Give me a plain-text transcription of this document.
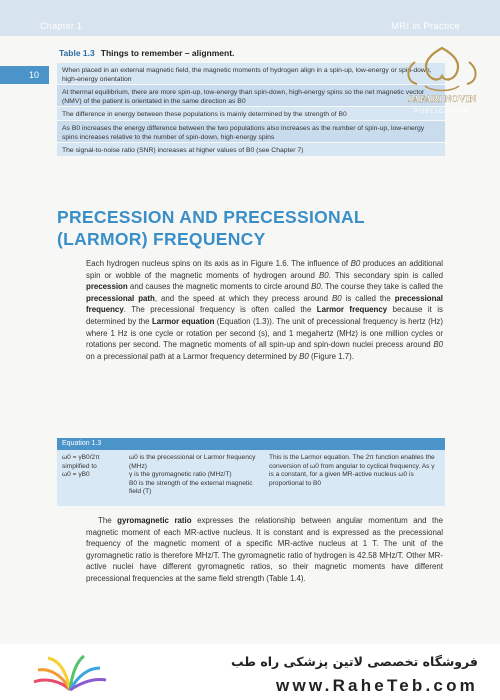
Chapter 1	MRI in Practice
10
Table 1.3 Things to remember – alignment.
When placed in an external magnetic field, the magnetic moments of hydrogen align in a spin-up, low-energy or spin-down, high-energy orientation
At thermal equilibrium, there are more spin-up, low-energy than spin-down, high-energy spins so the net magnetic vector (NMV) of the patient is orientated in the same direction as B0
The difference in energy between these populations is mainly determined by the strength of B0
As B0 increases the energy difference between the two populations also increases as the number of spin-up, low-energy spins increases relative to the number of spin-down, high-energy spins
The signal-to-noise ratio (SNR) increases at higher values of B0 (see Chapter 7)
JAFARI NOVIN
PUBLICATION
PRECESSION AND PRECESSIONAL (LARMOR) FREQUENCY
Each hydrogen nucleus spins on its axis as in Figure 1.6. The influence of B0 produces an additional spin or wobble of the magnetic moments of hydrogen around B0. This secondary spin is called precession and causes the magnetic moments to circle around B0. The course they take is called the precessional path, and the speed at which they precess around B0 is called the precessional frequency. The precessional frequency is often called the Larmor frequency because it is determined by the Larmor equation (Equation (1.3)). The unit of precessional frequency is hertz (Hz) where 1 Hz is one cycle or rotation per second (s), and 1 megahertz (MHz) is one million cycles or rotations per second. The magnetic moments of all spin-up and spin-down nuclei precess around B0 on a precessional path at a Larmor frequency determined by B0 (Figure 1.7).
Equation 1.3
ω0 = γB0/2π
simplified to
ω0 = γB0
ω0 is the precessional or Larmor frequency (MHz)
γ is the gyromagnetic ratio (MHz/T)
B0 is the strength of the external magnetic field (T)
This is the Larmor equation. The 2π function enables the conversion of ω0 from angular to cyclical frequency. As γ is a constant, for a given MR-active nucleus ω0 is proportional to B0
The gyromagnetic ratio expresses the relationship between angular momentum and the magnetic moment of each MR-active nucleus. It is constant and is expressed as the precessional frequency of the magnetic moment of a specific MR-active nucleus at 1 T. The unit of the gyromagnetic ratio is therefore MHz/T. The gyromagnetic ratio of hydrogen is 42.58 MHz/T. Other MR-active nuclei have different gyromagnetic ratios, so their magnetic moments have different precessional frequencies at the same field strength (Table 1.4).
فروشگاه تخصصی لاتین پزشکی راه طب
www.RaheTeb.com
